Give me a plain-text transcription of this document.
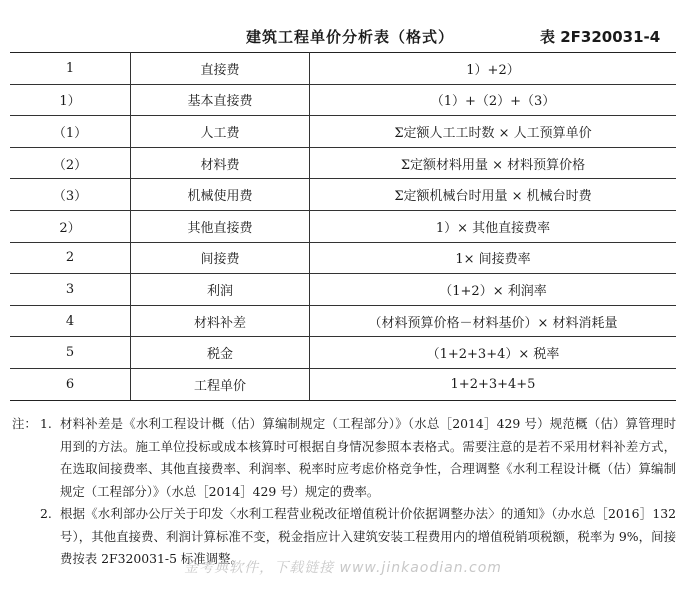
建筑工程单价分析表（格式）	表 2F320031-4
1	直接费	1）+2）
1）	基本直接费	（1）+（2）+（3）
（1）	人工费	Σ定额人工工时数 × 人工预算单价
（2）	材料费	Σ定额材料用量 × 材料预算价格
（3）	机械使用费	Σ定额机械台时用量 × 机械台时费
2）	其他直接费	1）× 其他直接费率
2	间接费	1× 间接费率
3	利润	（1+2）× 利润率
4	材料补差	（材料预算价格－材料基价）× 材料消耗量
5	税金	（1+2+3+4）× 税率
6	工程单价	1+2+3+4+5
注： 1. 材料补差是《水利工程设计概（估）算编制规定（工程部分）》（水总［2014］429 号）规范概（估）算管理时用到的方法。施工单位投标或成本核算时可根据自身情况参照本表格式。需要注意的是若不采用材料补差方式，在选取间接费率、其他直接费率、利润率、税率时应考虑价格竞争性，合理调整《水利工程设计概（估）算编制规定（工程部分）》（水总［2014］429 号）规定的费率。
2. 根据《水利部办公厅关于印发〈水利工程营业税改征增值税计价依据调整办法〉的通知》（办水总［2016］132 号），其他直接费、利润计算标准不变，税金指应计入建筑安装工程费用内的增值税销项税额，税率为 9%，间接费按表 2F320031-5 标准调整。
金考典软件，下载链接 www.jinkaodian.com
